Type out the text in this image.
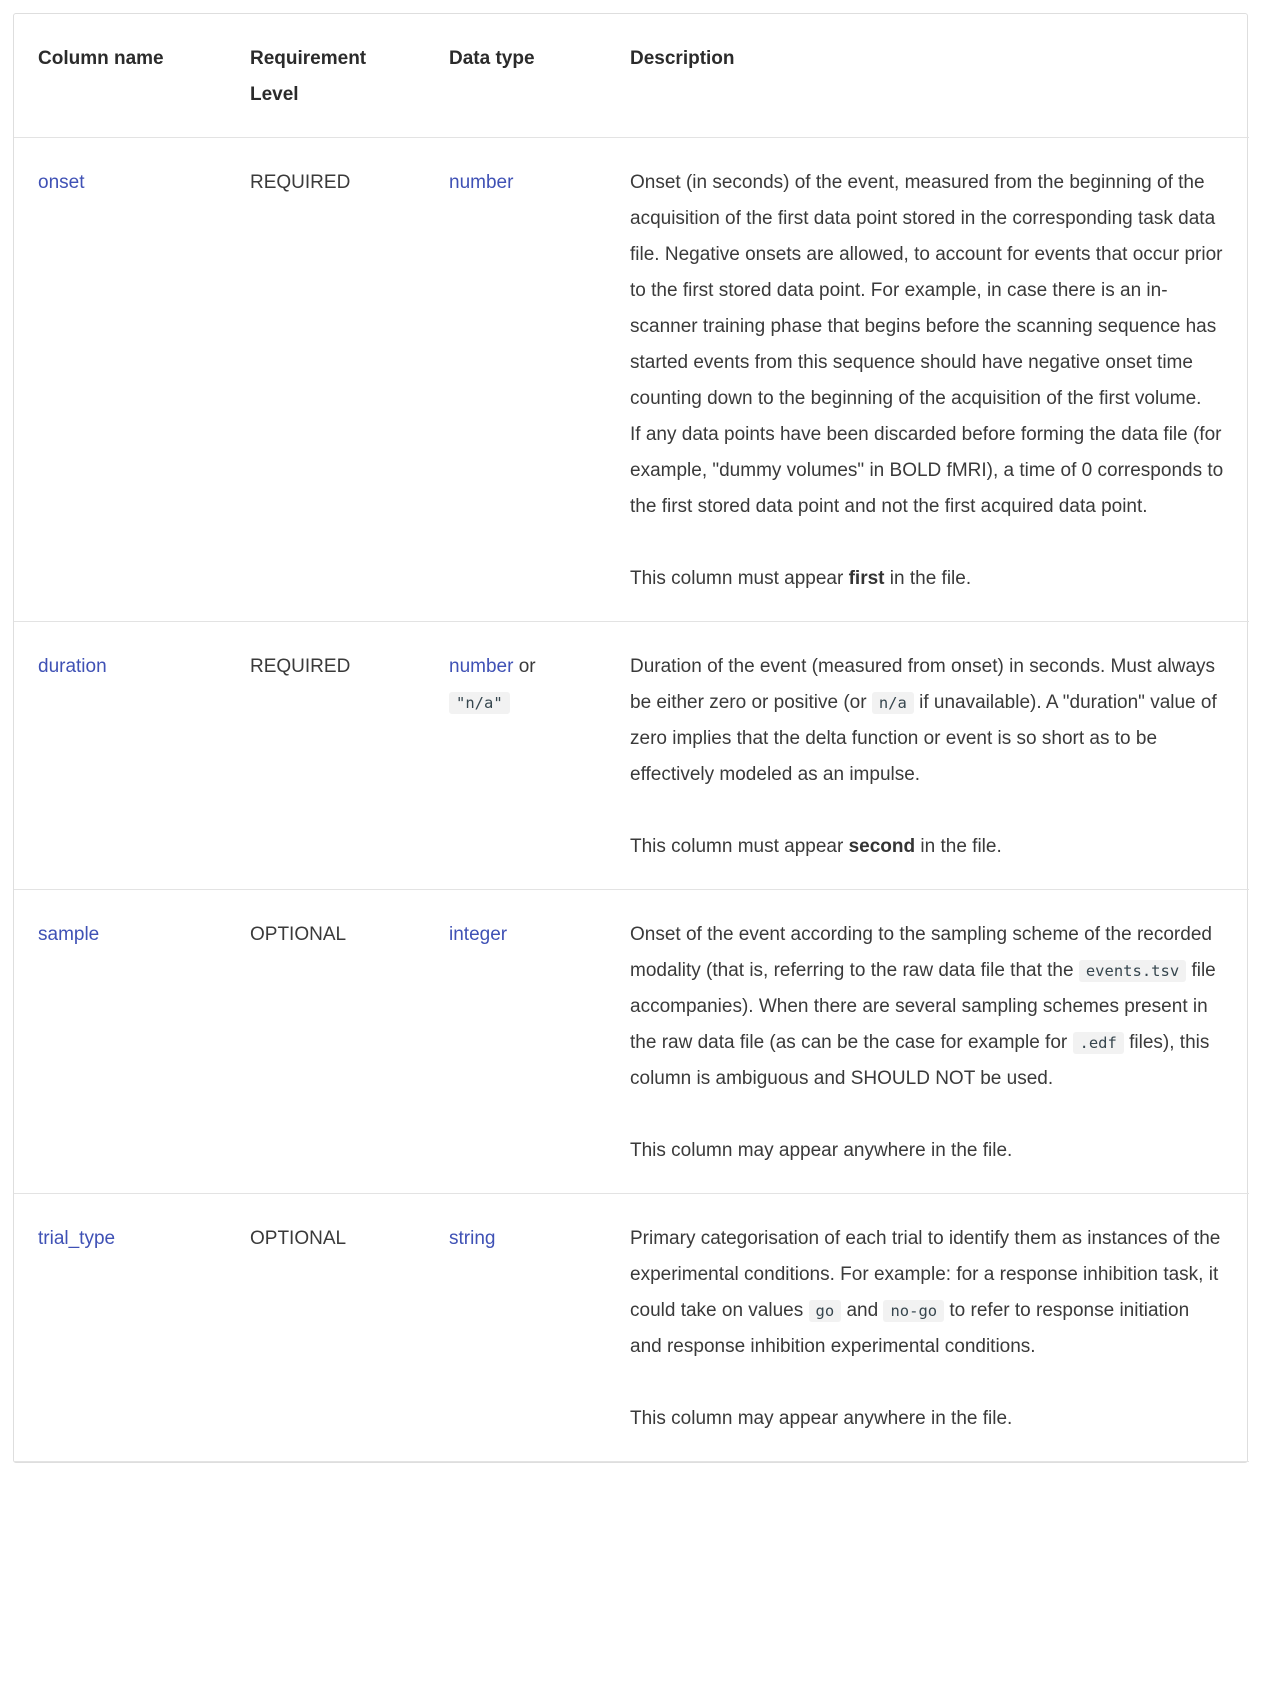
Column name	Requirement Level	Data type	Description
onset	REQUIRED	number	Onset (in seconds) of the event, measured from the beginning of the acquisition of the first data point stored in the corresponding task data file. Negative onsets are allowed, to account for events that occur prior to the first stored data point. For example, in case there is an in-scanner training phase that begins before the scanning sequence has started events from this sequence should have negative onset time counting down to the beginning of the acquisition of the first volume.
If any data points have been discarded before forming the data file (for example, "dummy volumes" in BOLD fMRI), a time of 0 corresponds to the first stored data point and not the first acquired data point.

This column must appear first in the file.
duration	REQUIRED	number or "n/a"	Duration of the event (measured from onset) in seconds. Must always be either zero or positive (or n/a if unavailable). A "duration" value of zero implies that the delta function or event is so short as to be effectively modeled as an impulse.

This column must appear second in the file.
sample	OPTIONAL	integer	Onset of the event according to the sampling scheme of the recorded modality (that is, referring to the raw data file that the events.tsv file accompanies). When there are several sampling schemes present in the raw data file (as can be the case for example for .edf files), this column is ambiguous and SHOULD NOT be used.

This column may appear anywhere in the file.
trial_type	OPTIONAL	string	Primary categorisation of each trial to identify them as instances of the experimental conditions. For example: for a response inhibition task, it could take on values go and no-go to refer to response initiation and response inhibition experimental conditions.

This column may appear anywhere in the file.
